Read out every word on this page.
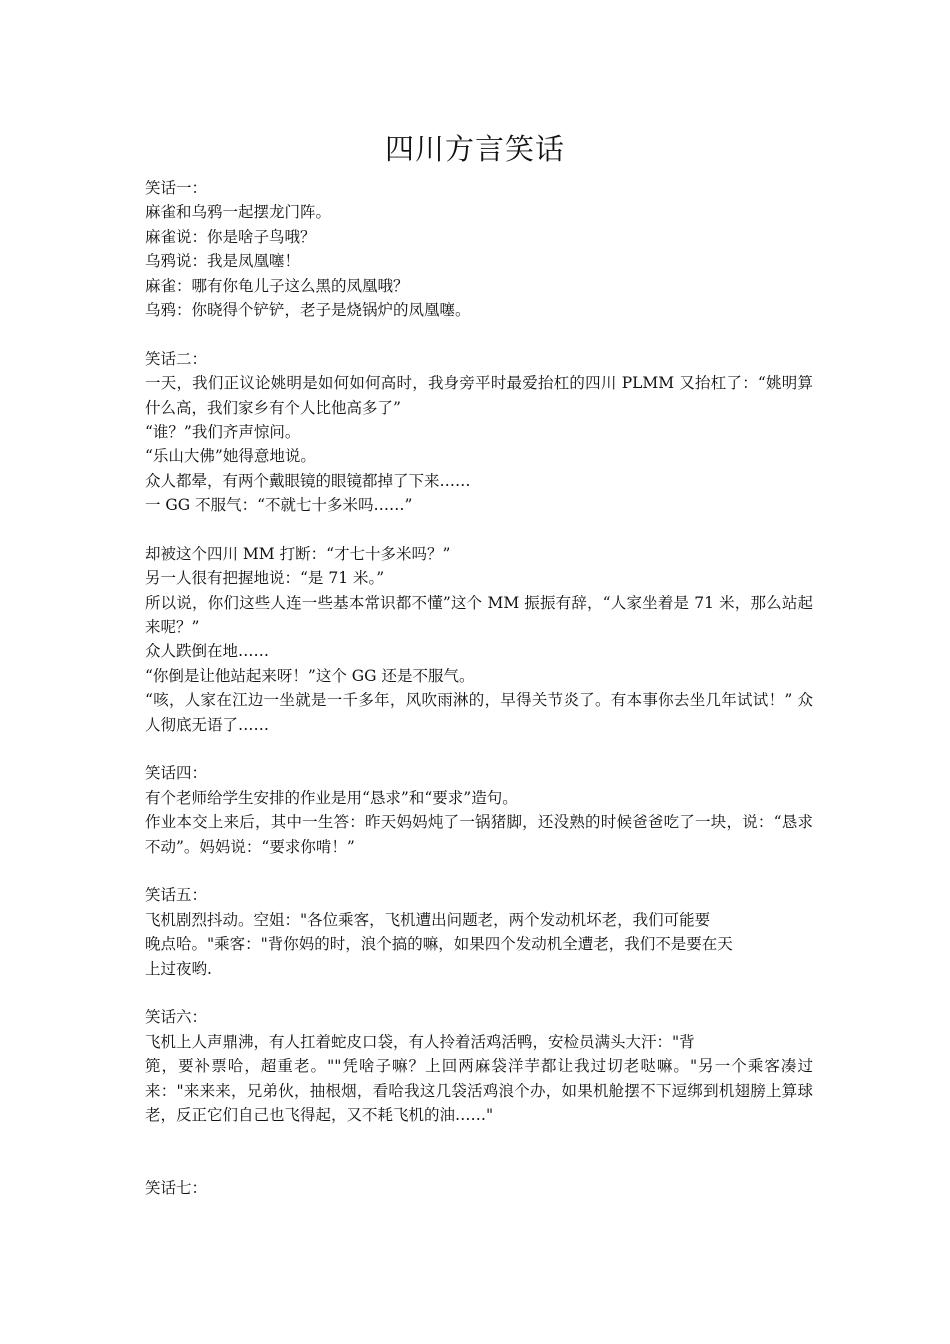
四川方言笑话
笑话一：
麻雀和乌鸦一起摆龙门阵。
麻雀说：你是啥子鸟哦？
乌鸦说：我是凤凰噻！
麻雀：哪有你龟儿子这么黑的凤凰哦？
乌鸦：你晓得个铲铲，老子是烧锅炉的凤凰噻。
笑话二：
一天，我们正议论姚明是如何如何高时，我身旁平时最爱抬杠的四川 PLMM 又抬杠了：“姚明算什么高，我们家乡有个人比他高多了”
“谁？”我们齐声惊问。
“乐山大佛”她得意地说。
众人都晕，有两个戴眼镜的眼镜都掉了下来……
一 GG 不服气：“不就七十多米吗……”
却被这个四川 MM 打断：“才七十多米吗？”
另一人很有把握地说：“是 71 米。”
所以说，你们这些人连一些基本常识都不懂”这个 MM 振振有辞，“人家坐着是 71 米，那么站起来呢？”
众人跌倒在地……
“你倒是让他站起来呀！”这个 GG 还是不服气。
“咳，人家在江边一坐就是一千多年，风吹雨淋的，早得关节炎了。有本事你去坐几年试试！” 众人彻底无语了……
笑话四：
有个老师给学生安排的作业是用“恳求”和“要求”造句。
作业本交上来后，其中一生答：昨天妈妈炖了一锅猪脚，还没熟的时候爸爸吃了一块，说：“恳求不动”。妈妈说：“要求你啃！”
笑话五：
飞机剧烈抖动。空姐："各位乘客，飞机遭出问题老，两个发动机坏老，我们可能要
晚点哈。"乘客："背你妈的时，浪个搞的嘛，如果四个发动机全遭老，我们不是要在天
上过夜哟.
笑话六：
飞机上人声鼎沸，有人扛着蛇皮口袋，有人拎着活鸡活鸭，安检员满头大汗："背
篼，要补票哈，超重老。""凭啥子嘛？上回两麻袋洋芋都让我过切老哒嘛。"另一个乘客凑过来："来来来，兄弟伙，抽根烟，看哈我这几袋活鸡浪个办，如果机舱摆不下逗绑到机翅膀上算球老，反正它们自己也飞得起，又不耗飞机的油……"
笑话七：
